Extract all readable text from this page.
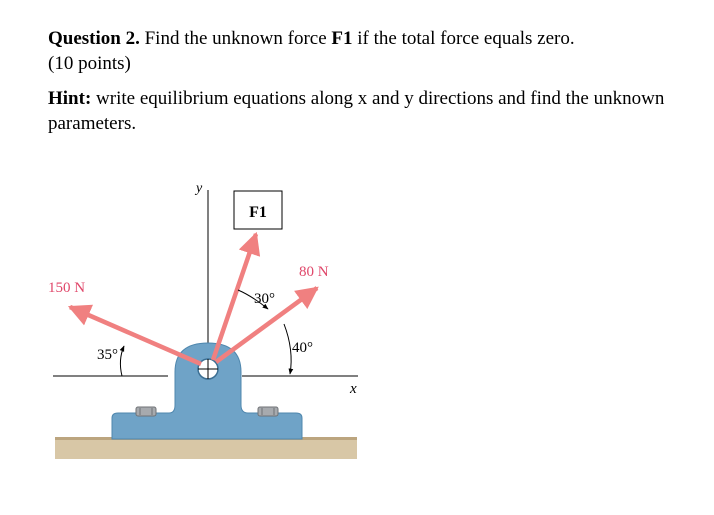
Question 2. Find the unknown force F1 if the total force equals zero.
(10 points)

Hint: write equilibrium equations along x and y directions and find the unknown parameters.

F1
150 N
80 N
30°
35°	40°
x
y
